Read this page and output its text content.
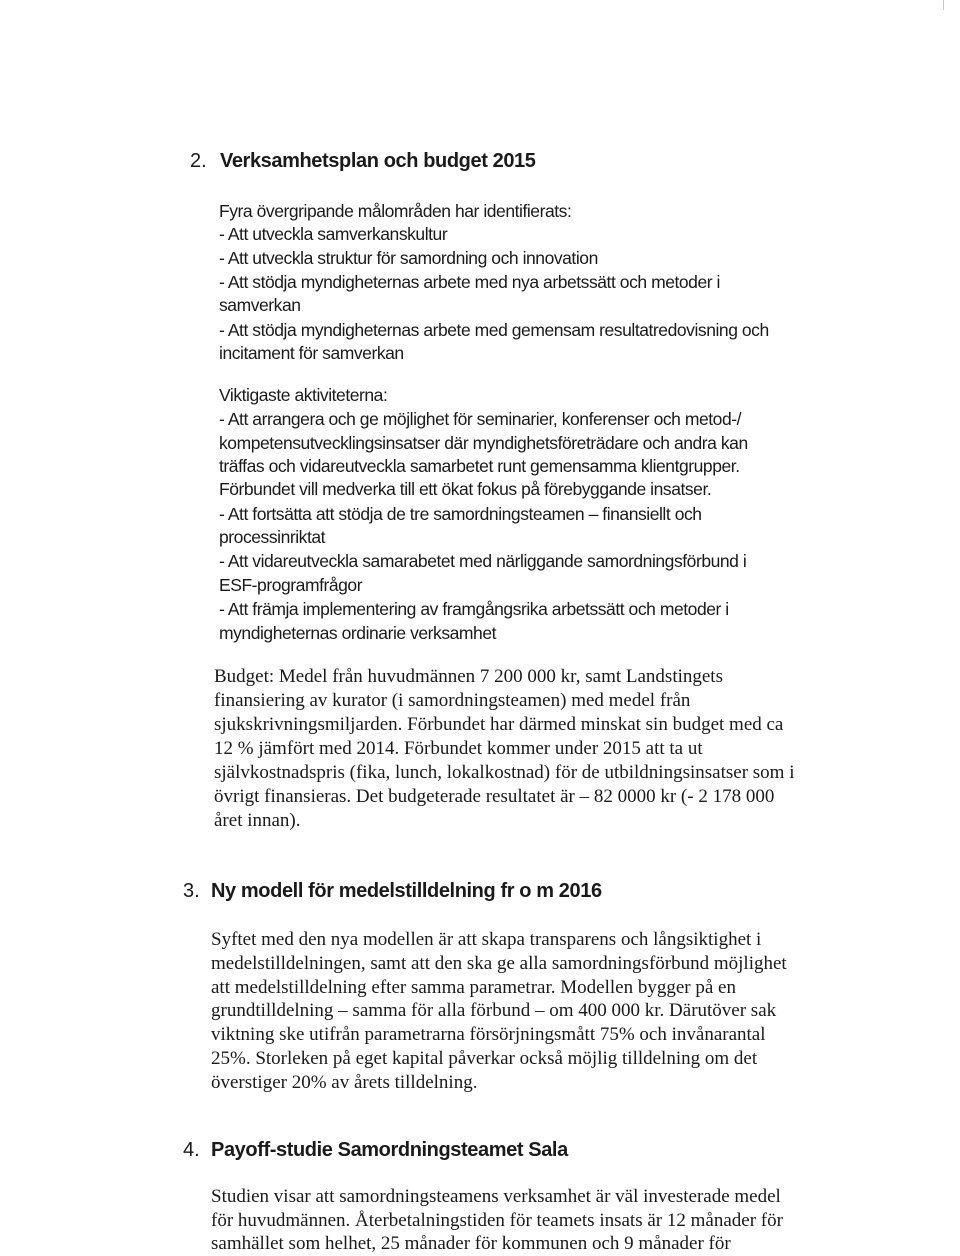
2. Verksamhetsplan och budget 2015
Fyra övergripande målområden har identifierats:
- Att utveckla samverkanskultur
- Att utveckla struktur för samordning och innovation
- Att stödja myndigheternas arbete med nya arbetssätt och metoder i
samverkan
- Att stödja myndigheternas arbete med gemensam resultatredovisning och
incitament för samverkan
Viktigaste aktiviteterna:
- Att arrangera och ge möjlighet för seminarier, konferenser och metod-/
kompetensutvecklingsinsatser där myndighetsföreträdare och andra kan
träffas och vidareutveckla samarbetet runt gemensamma klientgrupper.
Förbundet vill medverka till ett ökat fokus på förebyggande insatser.
- Att fortsätta att stödja de tre samordningsteamen – finansiellt och
processinriktat
- Att vidareutveckla samarabetet med närliggande samordningsförbund i
ESF-programfrågor
- Att främja implementering av framgångsrika arbetssätt och metoder i
myndigheternas ordinarie verksamhet
Budget: Medel från huvudmännen 7 200 000 kr, samt Landstingets
finansiering av kurator (i samordningsteamen) med medel från
sjukskrivningsmiljarden. Förbundet har därmed minskat sin budget med ca
12 % jämfört med 2014. Förbundet kommer under 2015 att ta ut
självkostnadspris (fika, lunch, lokalkostnad) för de utbildningsinsatser som i
övrigt finansieras. Det budgeterade resultatet är – 82 0000 kr (- 2 178 000
året innan).
3. Ny modell för medelstilldelning fr o m 2016
Syftet med den nya modellen är att skapa transparens och långsiktighet i
medelstilldelningen, samt att den ska ge alla samordningsförbund möjlighet
att medelstilldelning efter samma parametrar. Modellen bygger på en
grundtilldelning – samma för alla förbund – om 400 000 kr. Därutöver sak
viktning ske utifrån parametrarna försörjningsmått 75% och invånarantal
25%. Storleken på eget kapital påverkar också möjlig tilldelning om det
överstiger 20% av årets tilldelning.
4. Payoff-studie Samordningsteamet Sala
Studien visar att samordningsteamens verksamhet är väl investerade medel
för huvudmännen. Återbetalningstiden för teamets insats är 12 månader för
samhället som helhet, 25 månader för kommunen och 9 månader för
